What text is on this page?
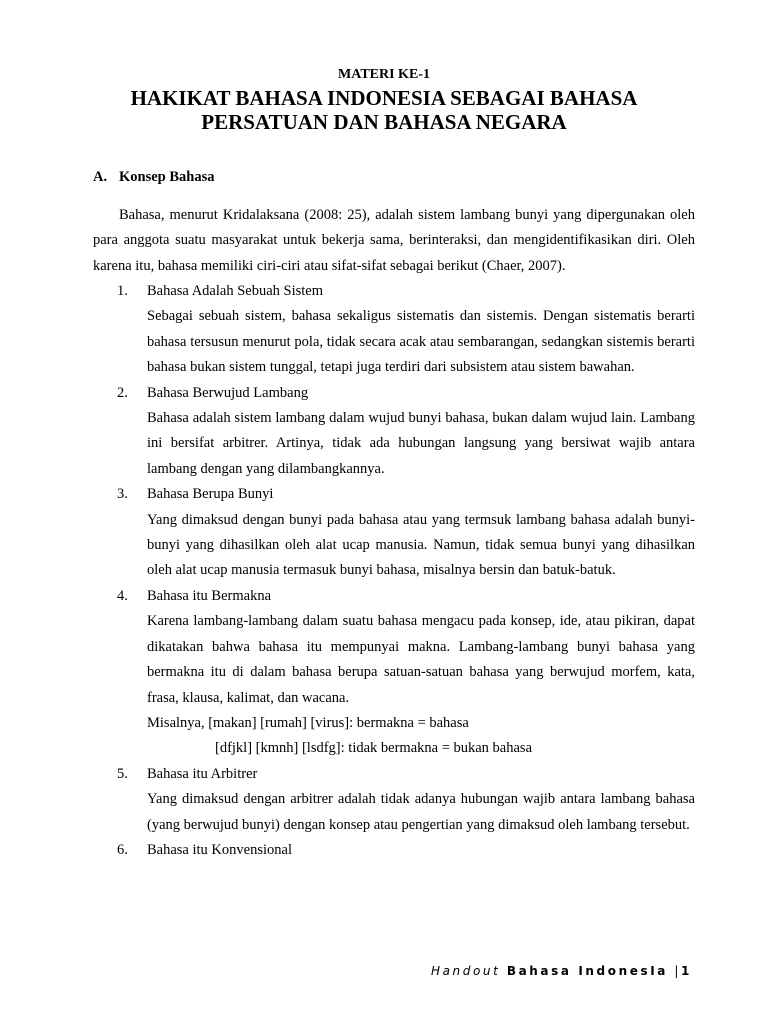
MATERI KE-1
HAKIKAT BAHASA INDONESIA SEBAGAI BAHASA
PERSATUAN DAN BAHASA NEGARA
A. Konsep Bahasa

Bahasa, menurut Kridalaksana (2008: 25), adalah sistem lambang bunyi yang dipergunakan oleh para anggota suatu masyarakat untuk bekerja sama, berinteraksi, dan mengidentifikasikan diri. Oleh karena itu, bahasa memiliki ciri-ciri atau sifat-sifat sebagai berikut (Chaer, 2007).

1.	Bahasa Adalah Sebuah Sistem
Sebagai sebuah sistem, bahasa sekaligus sistematis dan sistemis. Dengan sistematis berarti bahasa tersusun menurut pola, tidak secara acak atau sembarangan, sedangkan sistemis berarti bahasa bukan sistem tunggal, tetapi juga terdiri dari subsistem atau sistem bawahan.
2.	Bahasa Berwujud Lambang
Bahasa adalah sistem lambang dalam wujud bunyi bahasa, bukan dalam wujud lain. Lambang ini bersifat arbitrer. Artinya, tidak ada hubungan langsung yang bersiwat wajib antara lambang dengan yang dilambangkannya.
3.	Bahasa Berupa Bunyi
Yang dimaksud dengan bunyi pada bahasa atau yang termsuk lambang bahasa adalah bunyi-bunyi yang dihasilkan oleh alat ucap manusia. Namun, tidak semua bunyi yang dihasilkan oleh alat ucap manusia termasuk bunyi bahasa, misalnya bersin dan batuk-batuk.
4.	Bahasa itu Bermakna
Karena lambang-lambang dalam suatu bahasa mengacu pada konsep, ide, atau pikiran, dapat dikatakan bahwa bahasa itu mempunyai makna. Lambang-lambang bunyi bahasa yang bermakna itu di dalam bahasa berupa satuan-satuan bahasa yang berwujud morfem, kata, frasa, klausa, kalimat, dan wacana.
Misalnya, [makan] [rumah] [virus]: bermakna = bahasa
[dfjkl] [kmnh] [lsdfg]: tidak bermakna = bukan bahasa
5.	Bahasa itu Arbitrer
Yang dimaksud dengan arbitrer adalah tidak adanya hubungan wajib antara lambang bahasa (yang berwujud bunyi) dengan konsep atau pengertian yang dimaksud oleh lambang tersebut.
6.	Bahasa itu Konvensional
Handout Bahasa IndonesIa |1
